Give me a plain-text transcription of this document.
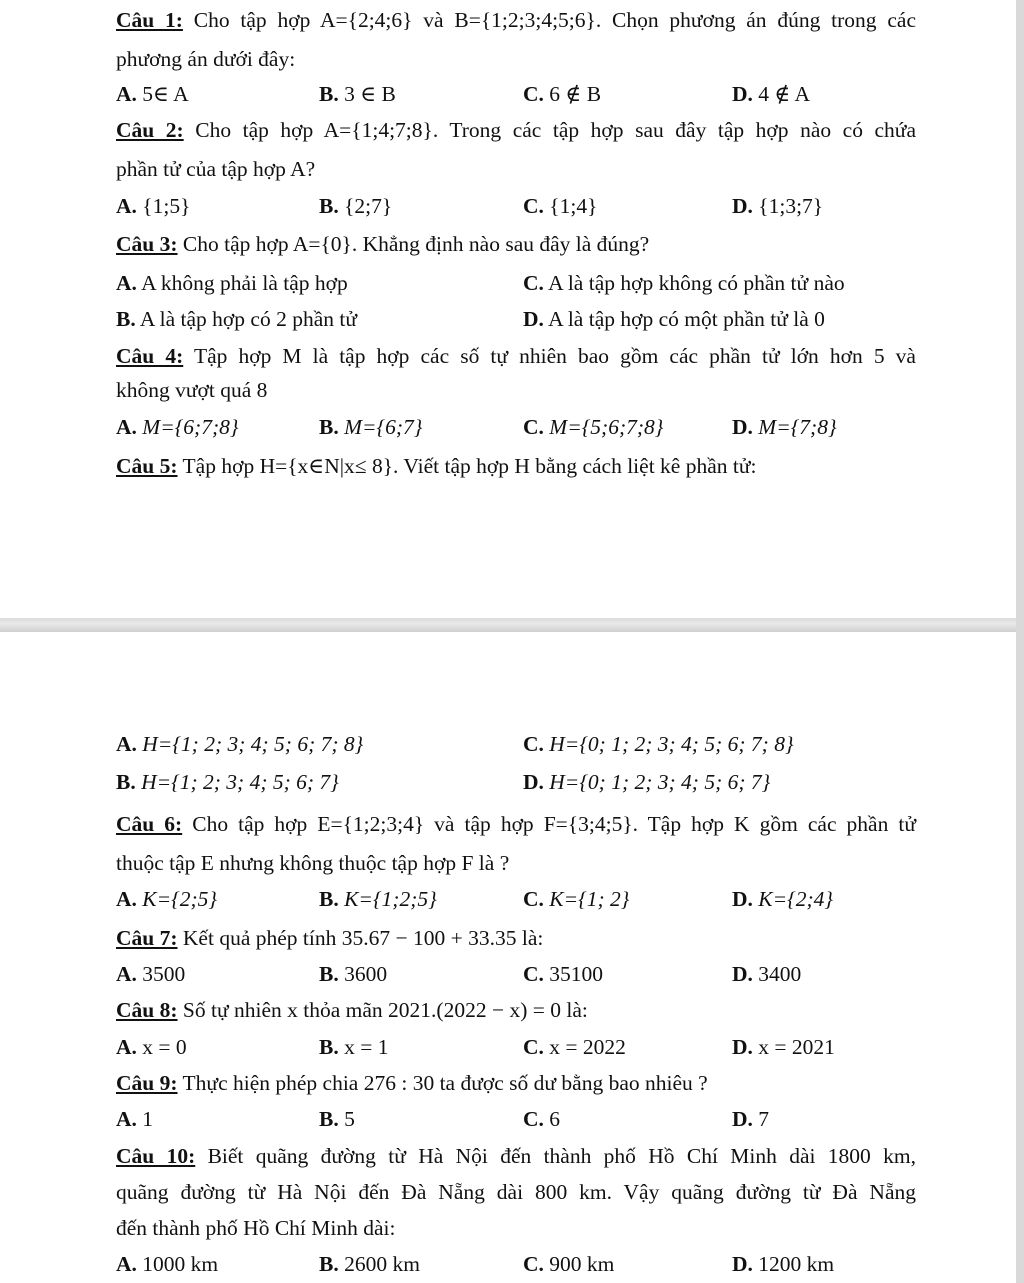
Câu 1: Cho tập hợp A={2;4;6} và B={1;2;3;4;5;6}. Chọn phương án đúng trong các
phương án dưới đây:
A. 5∈ A	B. 3 ∈ B	C. 6 ∉ B	D. 4 ∉ A
Câu 2: Cho tập hợp A={1;4;7;8}. Trong các tập hợp sau đây tập hợp nào có chứa
phần tử của tập hợp A?
A. {1;5}	B. {2;7}	C. {1;4}	D. {1;3;7}
Câu 3: Cho tập hợp A={0}. Khẳng định nào sau đây là đúng?
A. A không phải là tập hợp	C. A là tập hợp không có phần tử nào
B. A là tập hợp có 2 phần tử	D. A là tập hợp có một phần tử là 0
Câu 4: Tập hợp M là tập hợp các số tự nhiên bao gồm các phần tử lớn hơn 5 và
không vượt quá 8
A. M={6;7;8}	B. M={6;7}	C. M={5;6;7;8}	D. M={7;8}
Câu 5: Tập hợp H={x∈N|x≤ 8}. Viết tập hợp H bằng cách liệt kê phần tử:
A. H={1; 2; 3; 4; 5; 6; 7; 8}	C. H={0; 1; 2; 3; 4; 5; 6; 7; 8}
B. H={1; 2; 3; 4; 5; 6; 7}	D. H={0; 1; 2; 3; 4; 5; 6; 7}
Câu 6: Cho tập hợp E={1;2;3;4} và tập hợp F={3;4;5}. Tập hợp K gồm các phần tử
thuộc tập E nhưng không thuộc tập hợp F là ?
A. K={2;5}	B. K={1;2;5}	C. K={1; 2}	D. K={2;4}
Câu 7: Kết quả phép tính 35.67 − 100 + 33.35 là:
A. 3500	B. 3600	C. 35100	D. 3400
Câu 8: Số tự nhiên x thỏa mãn 2021.(2022 − x) = 0 là:
A. x = 0	B. x = 1	C. x = 2022	D. x = 2021
Câu 9: Thực hiện phép chia 276 : 30 ta được số dư bằng bao nhiêu ?
A. 1	B. 5	C. 6	D. 7
Câu 10: Biết quãng đường từ Hà Nội đến thành phố Hồ Chí Minh dài 1800 km,
quãng đường từ Hà Nội đến Đà Nẵng dài 800 km. Vậy quãng đường từ Đà Nẵng
đến thành phố Hồ Chí Minh dài:
A. 1000 km	B. 2600 km	C. 900 km	D. 1200 km
